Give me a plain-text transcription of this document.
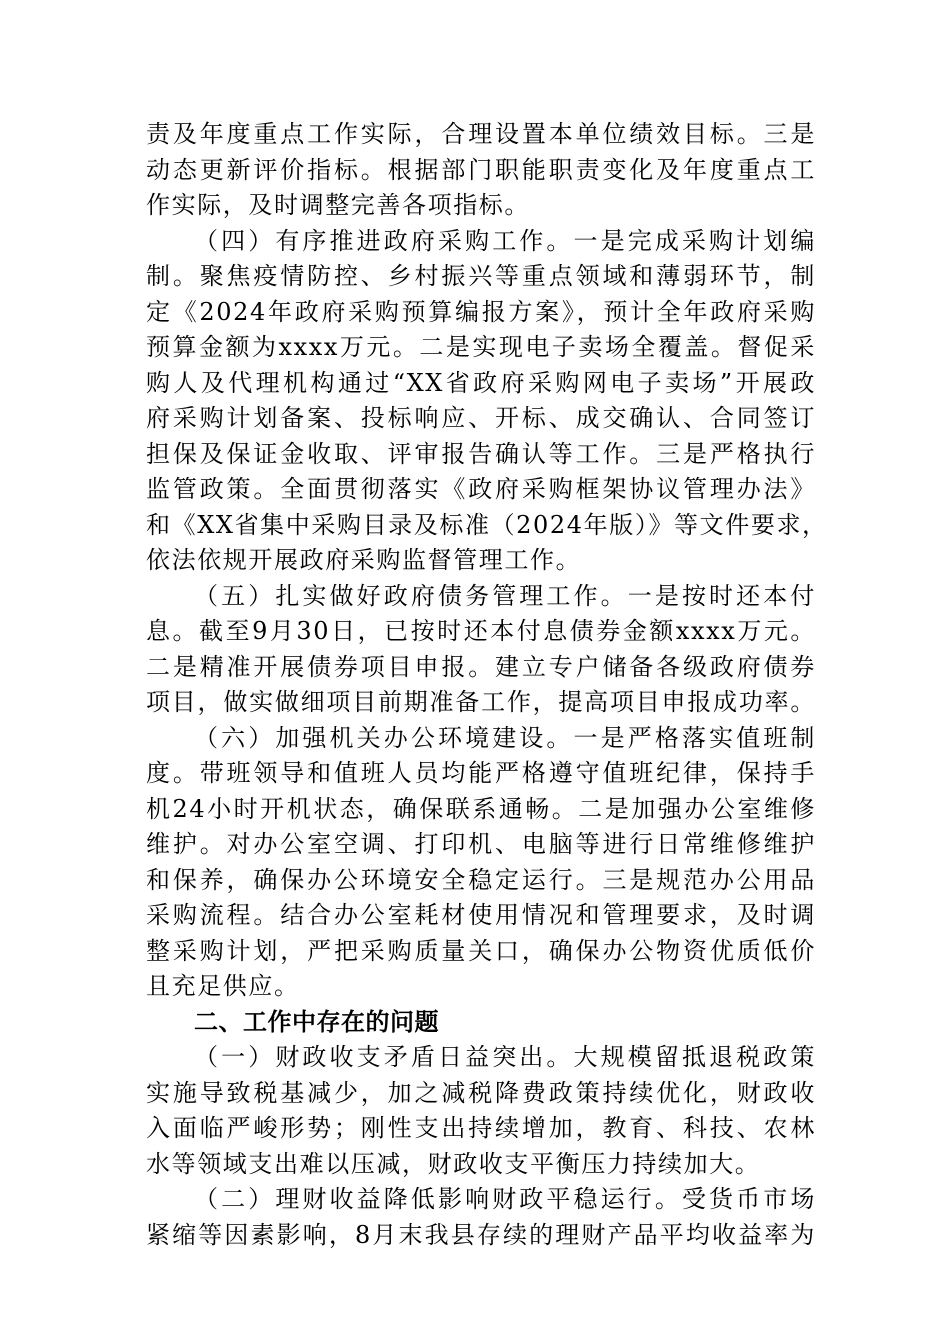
责及年度重点工作实际，合理设置本单位绩效目标。三是
动态更新评价指标。根据部门职能职责变化及年度重点工
作实际，及时调整完善各项指标。
（四）有序推进政府采购工作。一是完成采购计划编
制。聚焦疫情防控、乡村振兴等重点领域和薄弱环节，制
定《2024年政府采购预算编报方案》，预计全年政府采购
预算金额为xxxx万元。二是实现电子卖场全覆盖。督促采
购人及代理机构通过“XX省政府采购网电子卖场”开展政
府采购计划备案、投标响应、开标、成交确认、合同签订
担保及保证金收取、评审报告确认等工作。三是严格执行
监管政策。全面贯彻落实《政府采购框架协议管理办法》
和《XX省集中采购目录及标准（2024年版）》等文件要求，
依法依规开展政府采购监督管理工作。
（五）扎实做好政府债务管理工作。一是按时还本付
息。截至9月30日，已按时还本付息债券金额xxxx万元。
二是精准开展债券项目申报。建立专户储备各级政府债券
项目，做实做细项目前期准备工作，提高项目申报成功率。
（六）加强机关办公环境建设。一是严格落实值班制
度。带班领导和值班人员均能严格遵守值班纪律，保持手
机24小时开机状态，确保联系通畅。二是加强办公室维修
维护。对办公室空调、打印机、电脑等进行日常维修维护
和保养，确保办公环境安全稳定运行。三是规范办公用品
采购流程。结合办公室耗材使用情况和管理要求，及时调
整采购计划，严把采购质量关口，确保办公物资优质低价
且充足供应。
二、工作中存在的问题
（一）财政收支矛盾日益突出。大规模留抵退税政策
实施导致税基减少，加之减税降费政策持续优化，财政收
入面临严峻形势；刚性支出持续增加，教育、科技、农林
水等领域支出难以压减，财政收支平衡压力持续加大。
（二）理财收益降低影响财政平稳运行。受货币市场
紧缩等因素影响，8月末我县存续的理财产品平均收益率为
